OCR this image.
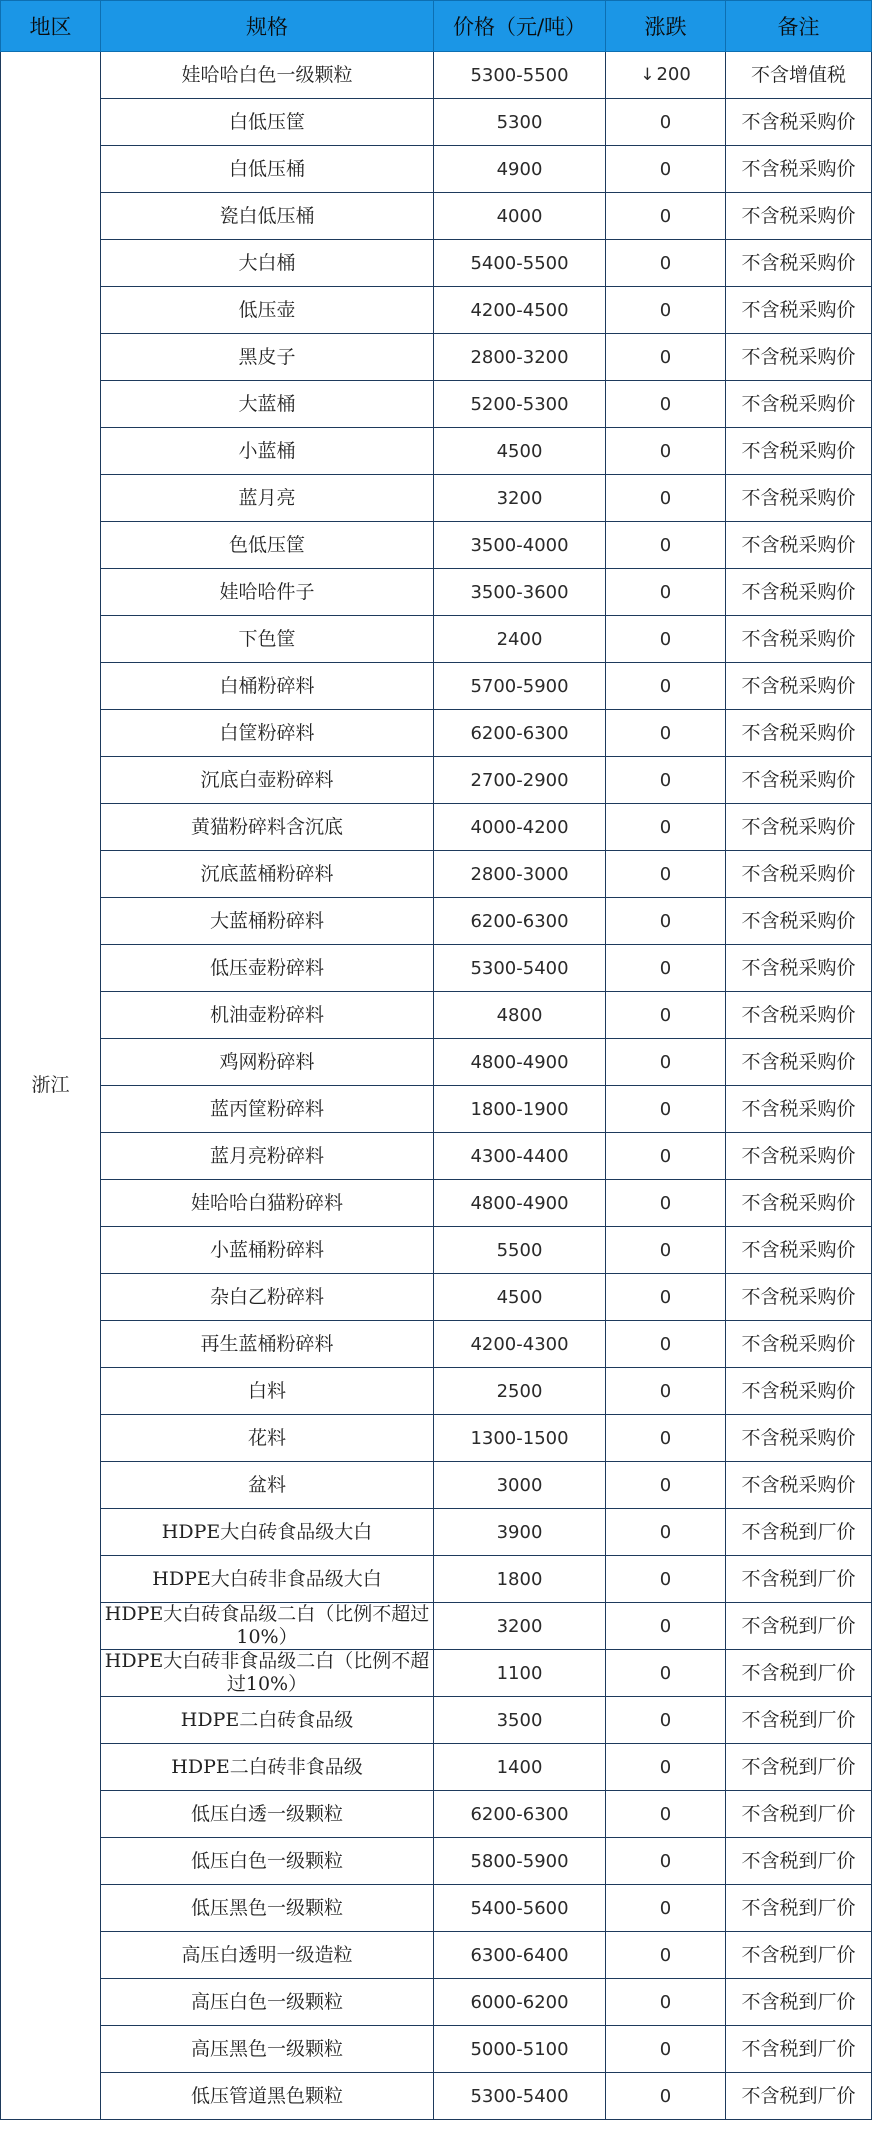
地区	规格	价格（元/吨）	涨跌	备注
浙江	娃哈哈白色一级颗粒	5300-5500	↓ 200	不含增值税
	白低压筐	5300	0	不含税采购价
	白低压桶	4900	0	不含税采购价
	瓷白低压桶	4000	0	不含税采购价
	大白桶	5400-5500	0	不含税采购价
	低压壶	4200-4500	0	不含税采购价
	黑皮子	2800-3200	0	不含税采购价
	大蓝桶	5200-5300	0	不含税采购价
	小蓝桶	4500	0	不含税采购价
	蓝月亮	3200	0	不含税采购价
	色低压筐	3500-4000	0	不含税采购价
	娃哈哈件子	3500-3600	0	不含税采购价
	下色筐	2400	0	不含税采购价
	白桶粉碎料	5700-5900	0	不含税采购价
	白筐粉碎料	6200-6300	0	不含税采购价
	沉底白壶粉碎料	2700-2900	0	不含税采购价
	黄猫粉碎料含沉底	4000-4200	0	不含税采购价
	沉底蓝桶粉碎料	2800-3000	0	不含税采购价
	大蓝桶粉碎料	6200-6300	0	不含税采购价
	低压壶粉碎料	5300-5400	0	不含税采购价
	机油壶粉碎料	4800	0	不含税采购价
	鸡网粉碎料	4800-4900	0	不含税采购价
	蓝丙筐粉碎料	1800-1900	0	不含税采购价
	蓝月亮粉碎料	4300-4400	0	不含税采购价
	娃哈哈白猫粉碎料	4800-4900	0	不含税采购价
	小蓝桶粉碎料	5500	0	不含税采购价
	杂白乙粉碎料	4500	0	不含税采购价
	再生蓝桶粉碎料	4200-4300	0	不含税采购价
	白料	2500	0	不含税采购价
	花料	1300-1500	0	不含税采购价
	盆料	3000	0	不含税采购价
	HDPE大白砖食品级大白	3900	0	不含税到厂价
	HDPE大白砖非食品级大白	1800	0	不含税到厂价
	HDPE大白砖食品级二白（比例不超过10%）	3200	0	不含税到厂价
	HDPE大白砖非食品级二白（比例不超过10%）	1100	0	不含税到厂价
	HDPE二白砖食品级	3500	0	不含税到厂价
	HDPE二白砖非食品级	1400	0	不含税到厂价
	低压白透一级颗粒	6200-6300	0	不含税到厂价
	低压白色一级颗粒	5800-5900	0	不含税到厂价
	低压黑色一级颗粒	5400-5600	0	不含税到厂价
	高压白透明一级造粒	6300-6400	0	不含税到厂价
	高压白色一级颗粒	6000-6200	0	不含税到厂价
	高压黑色一级颗粒	5000-5100	0	不含税到厂价
	低压管道黑色颗粒	5300-5400	0	不含税到厂价
